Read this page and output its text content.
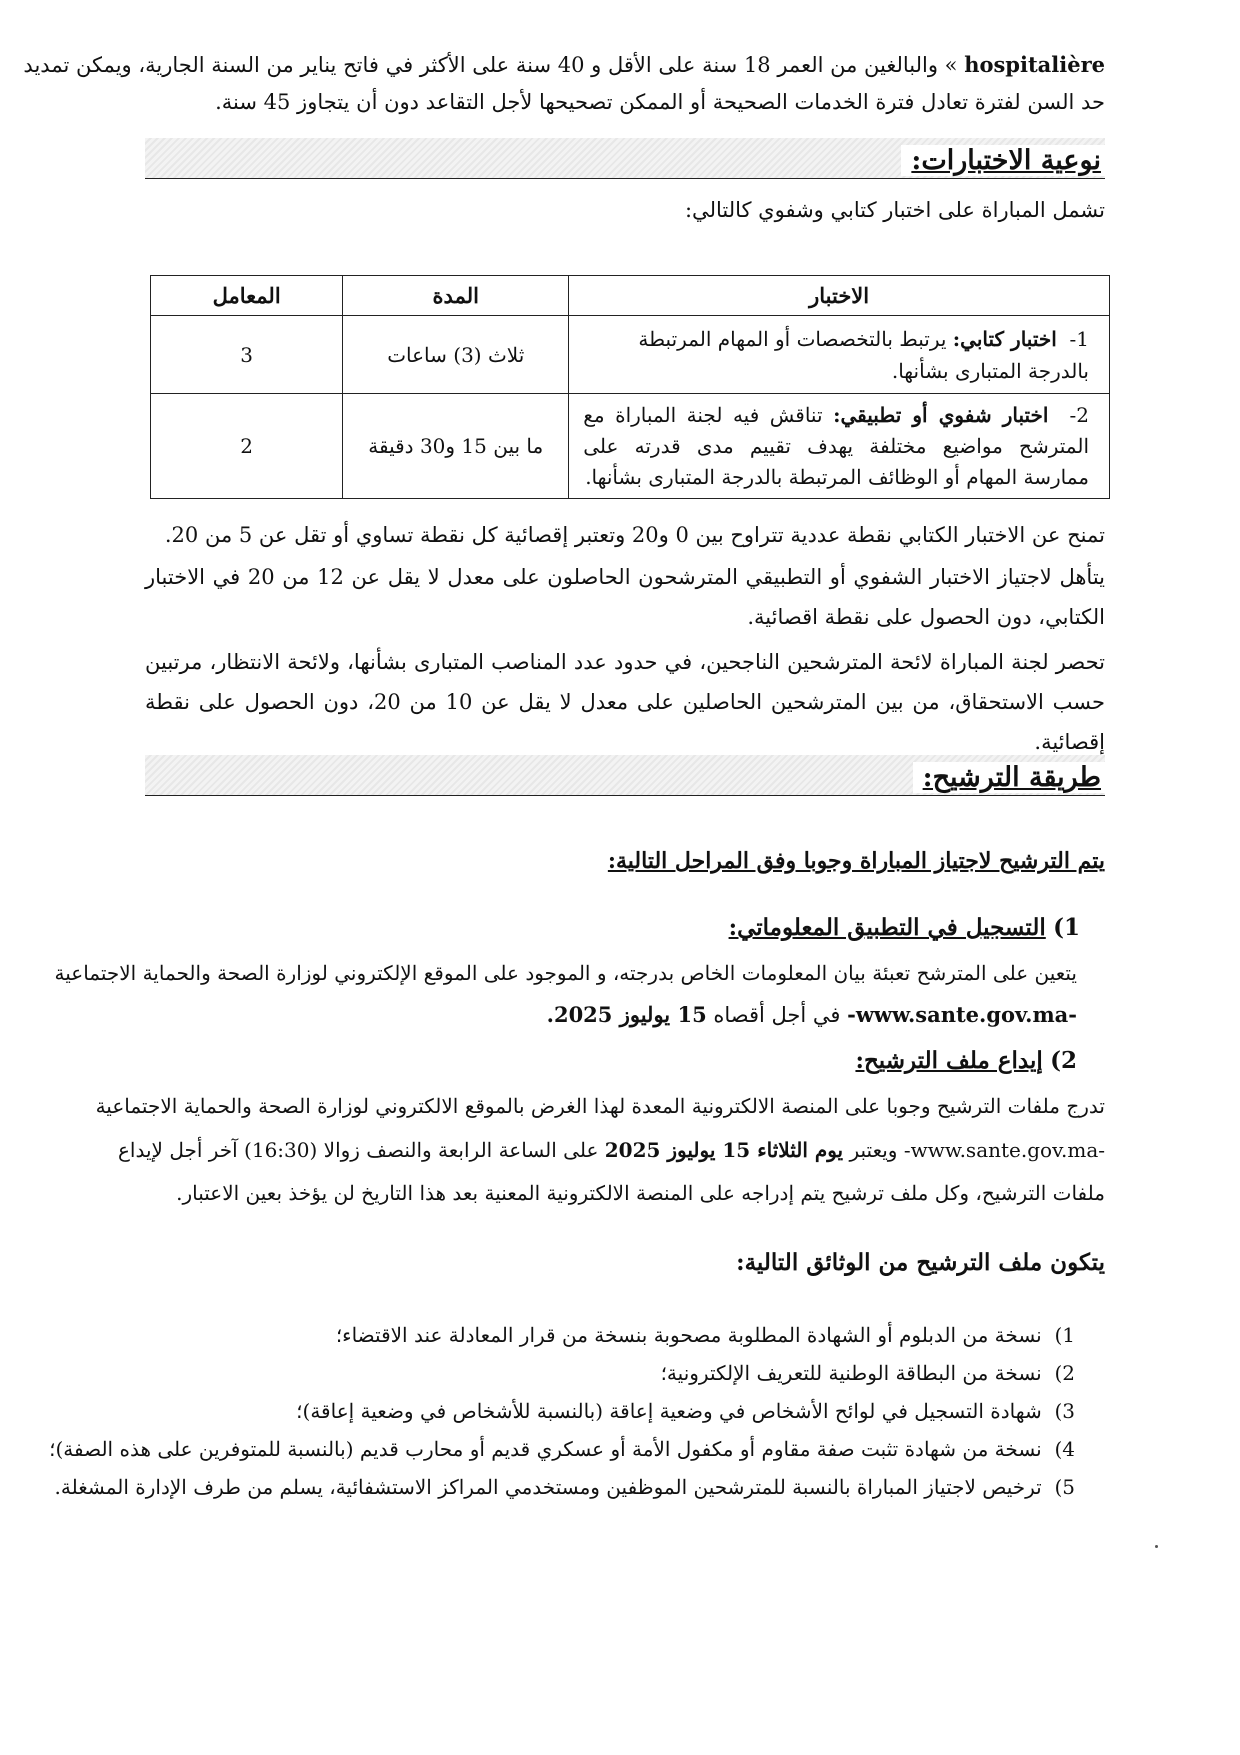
hospitalière » والبالغين من العمر 18 سنة على الأقل و 40 سنة على الأكثر في فاتح يناير من السنة الجارية، ويمكن تمديد
حد السن لفترة تعادل فترة الخدمات الصحيحة أو الممكن تصحيحها لأجل التقاعد دون أن يتجاوز 45 سنة.
نوعية الاختبارات:
تشمل المباراة على اختبار كتابي وشفوي كالتالي:
الاختبار	المدة	المعامل
1-  اختبار كتابي: يرتبط بالتخصصات أو المهام المرتبطة بالدرجة المتبارى بشأنها.	ثلاث (3) ساعات	3
2-  اختبار شفوي أو تطبيقي: تناقش فيه لجنة المباراة مع المترشح مواضيع مختلفة يهدف تقييم مدى قدرته على ممارسة المهام أو الوظائف المرتبطة بالدرجة المتبارى بشأنها.	ما بين 15 و30 دقيقة	2
تمنح عن الاختبار الكتابي نقطة عددية تتراوح بين 0 و20 وتعتبر إقصائية كل نقطة تساوي أو تقل عن 5 من 20.
يتأهل لاجتياز الاختبار الشفوي أو التطبيقي المترشحون الحاصلون على معدل لا يقل عن 12 من 20 في الاختبار الكتابي، دون الحصول على نقطة اقصائية.
تحصر لجنة المباراة لائحة المترشحين الناجحين، في حدود عدد المناصب المتبارى بشأنها، ولائحة الانتظار، مرتبين حسب الاستحقاق، من بين المترشحين الحاصلين على معدل لا يقل عن 10 من 20، دون الحصول على نقطة إقصائية.
طريقة الترشيح:
يتم الترشيح لاجتياز المباراة وجوبا وفق المراحل التالية:
1) التسجيل في التطبيق المعلوماتي:
يتعين على المترشح تعبئة بيان المعلومات الخاص بدرجته، و الموجود على الموقع الإلكتروني لوزارة الصحة والحماية الاجتماعية
-www.sante.gov.ma- في أجل أقصاه 15 يوليوز 2025.
2) إيداع ملف الترشيح:
تدرج ملفات الترشيح وجوبا على المنصة الالكترونية المعدة لهذا الغرض بالموقع الالكتروني لوزارة الصحة والحماية الاجتماعية
-www.sante.gov.ma- ويعتبر يوم الثلاثاء 15 يوليوز 2025 على الساعة الرابعة والنصف زوالا (16:30) آخر أجل لإيداع
ملفات الترشيح، وكل ملف ترشيح يتم إدراجه على المنصة الالكترونية المعنية بعد هذا التاريخ لن يؤخذ بعين الاعتبار.
يتكون ملف الترشيح من الوثائق التالية:
1)  نسخة من الدبلوم أو الشهادة المطلوبة مصحوبة بنسخة من قرار المعادلة عند الاقتضاء؛
2)  نسخة من البطاقة الوطنية للتعريف الإلكترونية؛
3)  شهادة التسجيل في لوائح الأشخاص في وضعية إعاقة (بالنسبة للأشخاص في وضعية إعاقة)؛
4)  نسخة من شهادة تثبت صفة مقاوم أو مكفول الأمة أو عسكري قديم أو محارب قديم (بالنسبة للمتوفرين على هذه الصفة)؛
5)  ترخيص لاجتياز المباراة بالنسبة للمترشحين الموظفين ومستخدمي المراكز الاستشفائية، يسلم من طرف الإدارة المشغلة.
